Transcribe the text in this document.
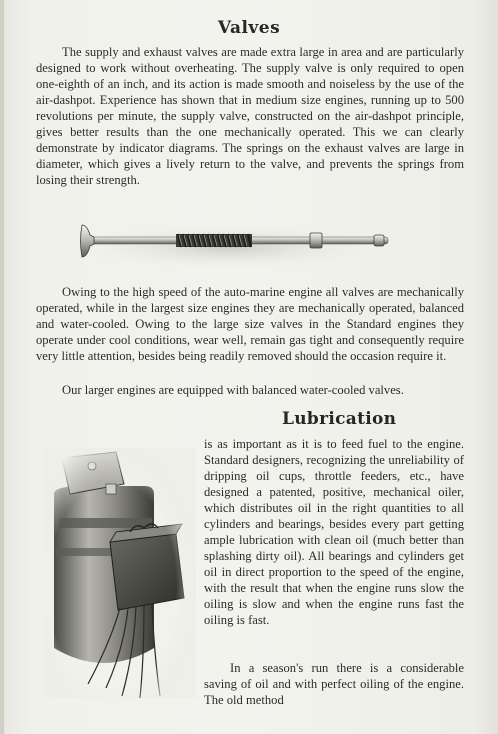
Valves

The supply and exhaust valves are made extra large in area and are particularly designed to work without overheating. The supply valve is only required to open one-eighth of an inch, and its action is made smooth and noiseless by the use of the air-dashpot. Experience has shown that in medium size engines, running up to 500 revolutions per minute, the supply valve, constructed on the air-dashpot principle, gives better results than the one mechanically operated. This we can clearly demonstrate by indicator diagrams. The springs on the exhaust valves are large in diameter, which gives a lively return to the valve, and prevents the springs from losing their strength.

Owing to the high speed of the auto-marine engine all valves are mechanically operated, while in the largest size engines they are mechanically operated, balanced and water-cooled. Owing to the large size valves in the Standard engines they operate under cool conditions, wear well, remain gas tight and consequently require very little attention, besides being readily removed should the occasion require it.

Our larger engines are equipped with balanced water-cooled valves.

Lubrication

is as important as it is to feed fuel to the engine. Standard designers, recognizing the unreliability of dripping oil cups, throttle feeders, etc., have designed a patented, positive, mechanical oiler, which distributes oil in the right quantities to all cylinders and bearings, besides every part getting ample lubrication with clean oil (much better than splashing dirty oil). All bearings and cylinders get oil in direct proportion to the speed of the engine, with the result that when the engine runs slow the oiling is slow and when the engine runs fast the oiling is fast.

In a season's run there is a considerable saving of oil and with perfect oiling of the engine. The old method
